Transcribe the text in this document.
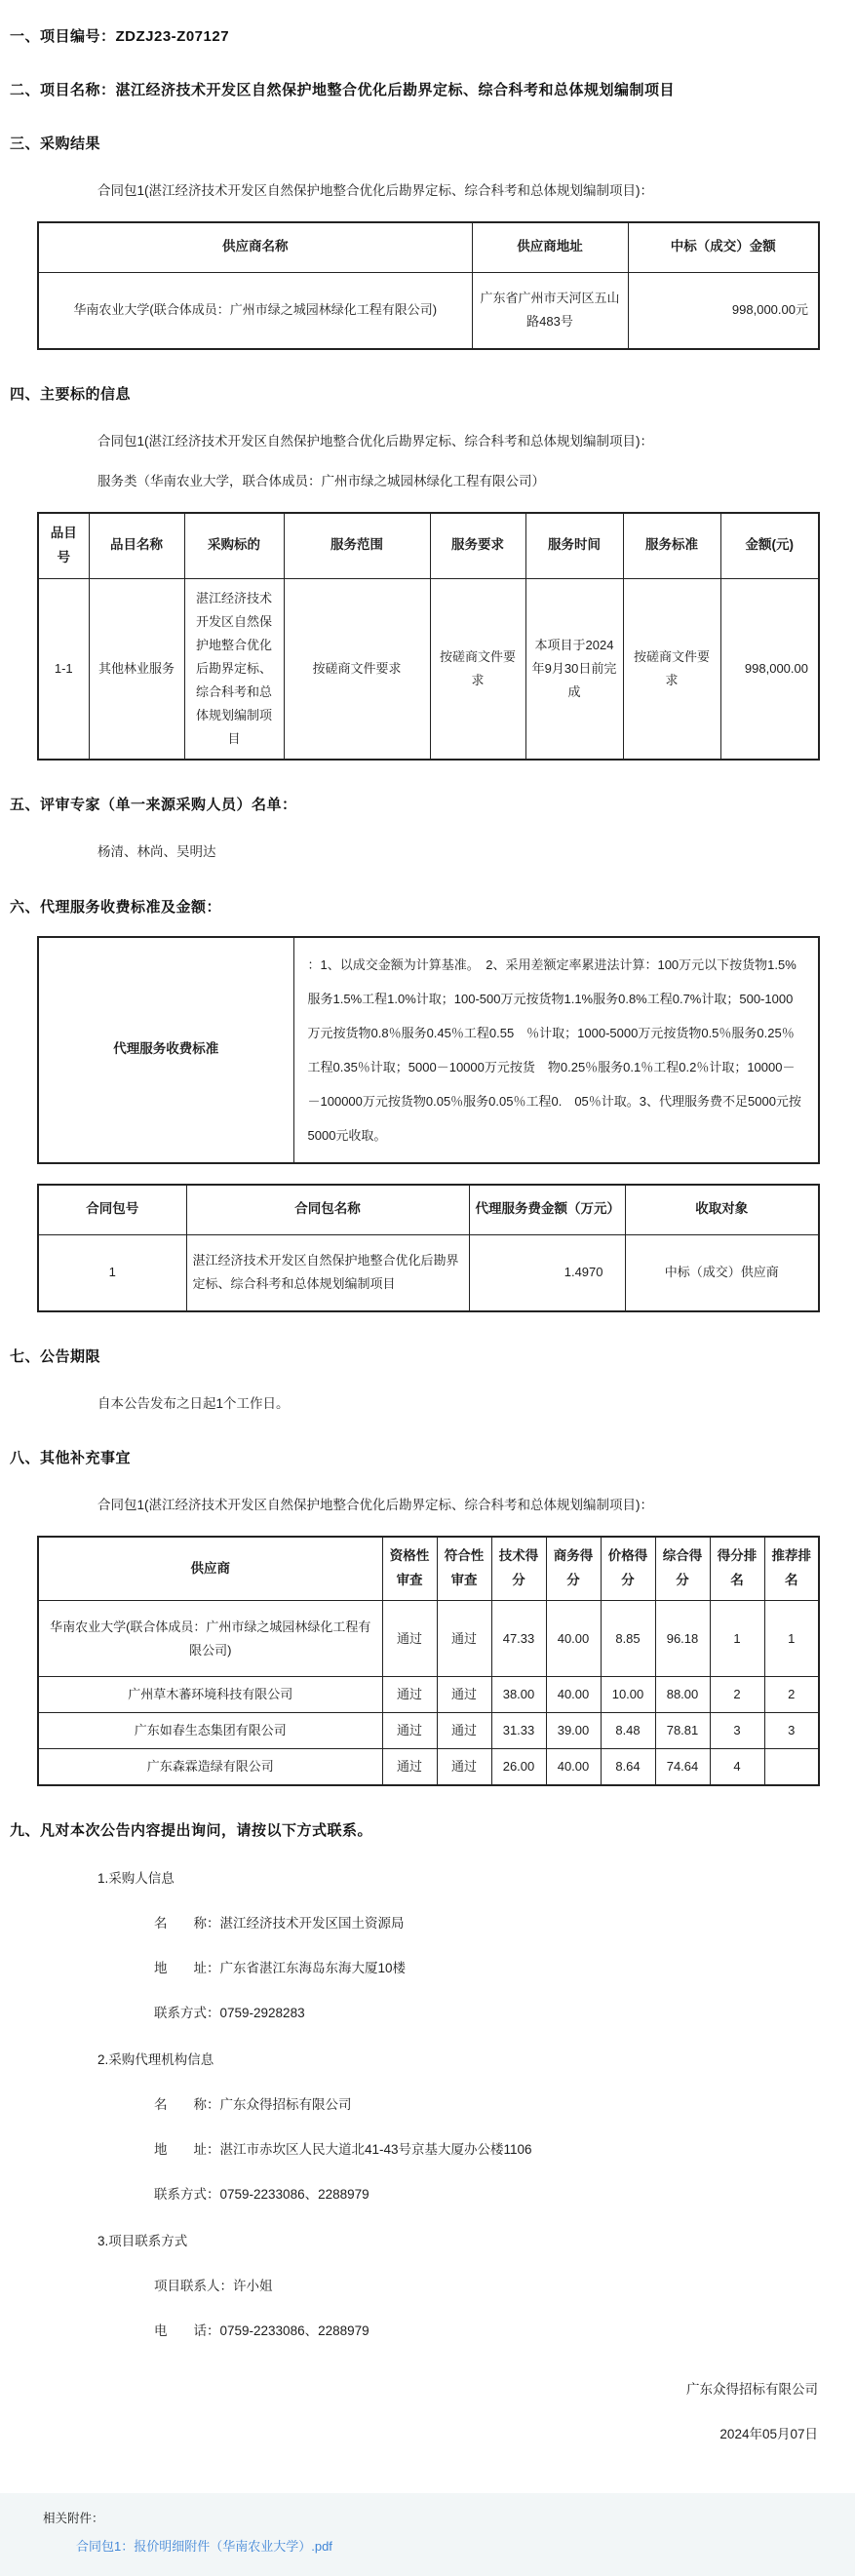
一、项目编号：ZDZJ23-Z07127
二、项目名称：湛江经济技术开发区自然保护地整合优化后勘界定标、综合科考和总体规划编制项目
三、采购结果
合同包1(湛江经济技术开发区自然保护地整合优化后勘界定标、综合科考和总体规划编制项目)：
供应商名称	供应商地址	中标（成交）金额
华南农业大学(联合体成员：广州市绿之城园林绿化工程有限公司)	广东省广州市天河区五山路483号	998,000.00元
四、主要标的信息
合同包1(湛江经济技术开发区自然保护地整合优化后勘界定标、综合科考和总体规划编制项目)：
服务类（华南农业大学，联合体成员：广州市绿之城园林绿化工程有限公司）
品目号	品目名称	采购标的	服务范围	服务要求	服务时间	服务标准	金额(元)
1-1	其他林业服务	湛江经济技术开发区自然保护地整合优化后勘界定标、综合科考和总体规划编制项目	按磋商文件要求	按磋商文件要求	本项目于2024年9月30日前完成	按磋商文件要求	998,000.00
五、评审专家（单一来源采购人员）名单：
杨清、林尚、吴明达
六、代理服务收费标准及金额：
代理服务收费标准	：1、以成交金额为计算基准。　2、采用差额定率累进法计算：100万元以下按货物1.5%服务1.5%工程1.0%计取；100-500万元按货物1.1%服务0.8%工程0.7%计取；500-1000万元按货物0.8％服务0.45％工程0.55　％计取；1000-5000万元按货物0.5％服务0.25％工程0.35％计取；5000－10000万元按货　物0.25％服务0.1％工程0.2％计取；10000－－100000万元按货物0.05％服务0.05％工程0.　05％计取。3、代理服务费不足5000元按5000元收取。
合同包号	合同包名称	代理服务费金额（万元）	收取对象
1	湛江经济技术开发区自然保护地整合优化后勘界定标、综合科考和总体规划编制项目	1.4970	中标（成交）供应商
七、公告期限
自本公告发布之日起1个工作日。
八、其他补充事宜
合同包1(湛江经济技术开发区自然保护地整合优化后勘界定标、综合科考和总体规划编制项目)：
供应商	资格性审查	符合性审查	技术得分	商务得分	价格得分	综合得分	得分排名	推荐排名
华南农业大学(联合体成员：广州市绿之城园林绿化工程有限公司)	通过	通过	47.33	40.00	8.85	96.18	1	1
广州草木蕃环境科技有限公司	通过	通过	38.00	40.00	10.00	88.00	2	2
广东如春生态集团有限公司	通过	通过	31.33	39.00	8.48	78.81	3	3
广东森霖造绿有限公司	通过	通过	26.00	40.00	8.64	74.64	4	
九、凡对本次公告内容提出询问，请按以下方式联系。
1.采购人信息
名　　称：湛江经济技术开发区国土资源局
地　　址：广东省湛江东海岛东海大厦10楼
联系方式：0759-2928283
2.采购代理机构信息
名　　称：广东众得招标有限公司
地　　址：湛江市赤坎区人民大道北41-43号京基大厦办公楼1106
联系方式：0759-2233086、2288979
3.项目联系方式
项目联系人：许小姐
电　　话：0759-2233086、2288979
广东众得招标有限公司
2024年05月07日
相关附件：
合同包1：报价明细附件（华南农业大学）.pdf
